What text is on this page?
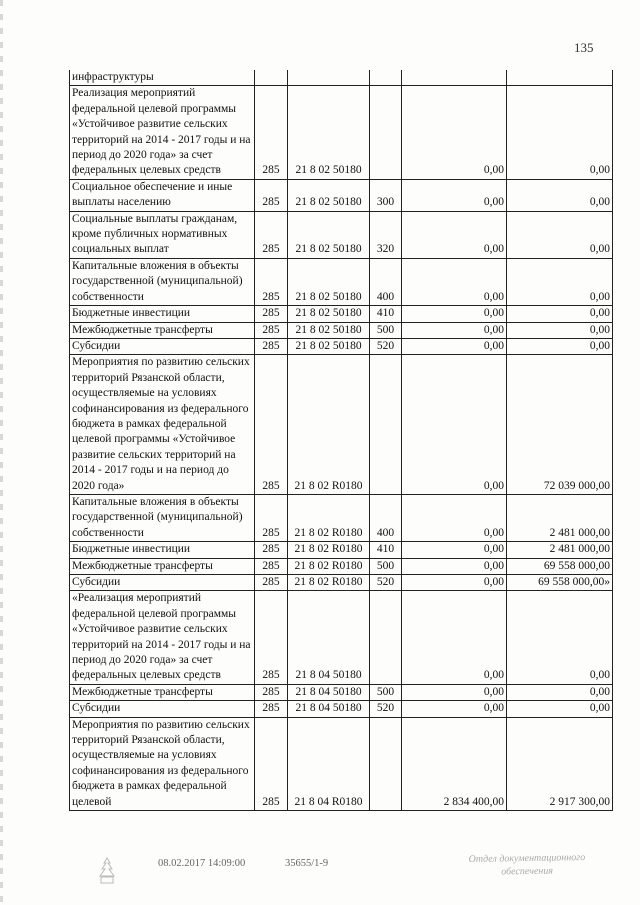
135
инфраструктуры					
Реализация мероприятий федеральной целевой программы «Устойчивое развитие сельских территорий на 2014 - 2017 годы и на период до 2020 года» за счет федеральных целевых средств	285	21 8 02 50180		0,00	0,00
Социальное обеспечение и иные выплаты населению	285	21 8 02 50180	300	0,00	0,00
Социальные выплаты гражданам, кроме публичных нормативных социальных выплат	285	21 8 02 50180	320	0,00	0,00
Капитальные вложения в объекты государственной (муниципальной) собственности	285	21 8 02 50180	400	0,00	0,00
Бюджетные инвестиции	285	21 8 02 50180	410	0,00	0,00
Межбюджетные трансферты	285	21 8 02 50180	500	0,00	0,00
Субсидии	285	21 8 02 50180	520	0,00	0,00
Мероприятия по развитию сельских территорий Рязанской области, осуществляемые на условиях софинансирования из федерального бюджета в рамках федеральной целевой программы «Устойчивое развитие сельских территорий на 2014 - 2017 годы и на период до 2020 года»	285	21 8 02 R0180		0,00	72 039 000,00
Капитальные вложения в объекты государственной (муниципальной) собственности	285	21 8 02 R0180	400	0,00	2 481 000,00
Бюджетные инвестиции	285	21 8 02 R0180	410	0,00	2 481 000,00
Межбюджетные трансферты	285	21 8 02 R0180	500	0,00	69 558 000,00
Субсидии	285	21 8 02 R0180	520	0,00	69 558 000,00»
«Реализация мероприятий федеральной целевой программы «Устойчивое развитие сельских территорий на 2014 - 2017 годы и на период до 2020 года» за счет федеральных целевых средств	285	21 8 04 50180		0,00	0,00
Межбюджетные трансферты	285	21 8 04 50180	500	0,00	0,00
Субсидии	285	21 8 04 50180	520	0,00	0,00
Мероприятия по развитию сельских территорий Рязанской области, осуществляемые на условиях софинансирования из федерального бюджета в рамках федеральной целевой	285	21 8 04 R0180		2 834 400,00	2 917 300,00
08.02.2017 14:09:00	35655/1-9	Отдел документационного
обеспечения
